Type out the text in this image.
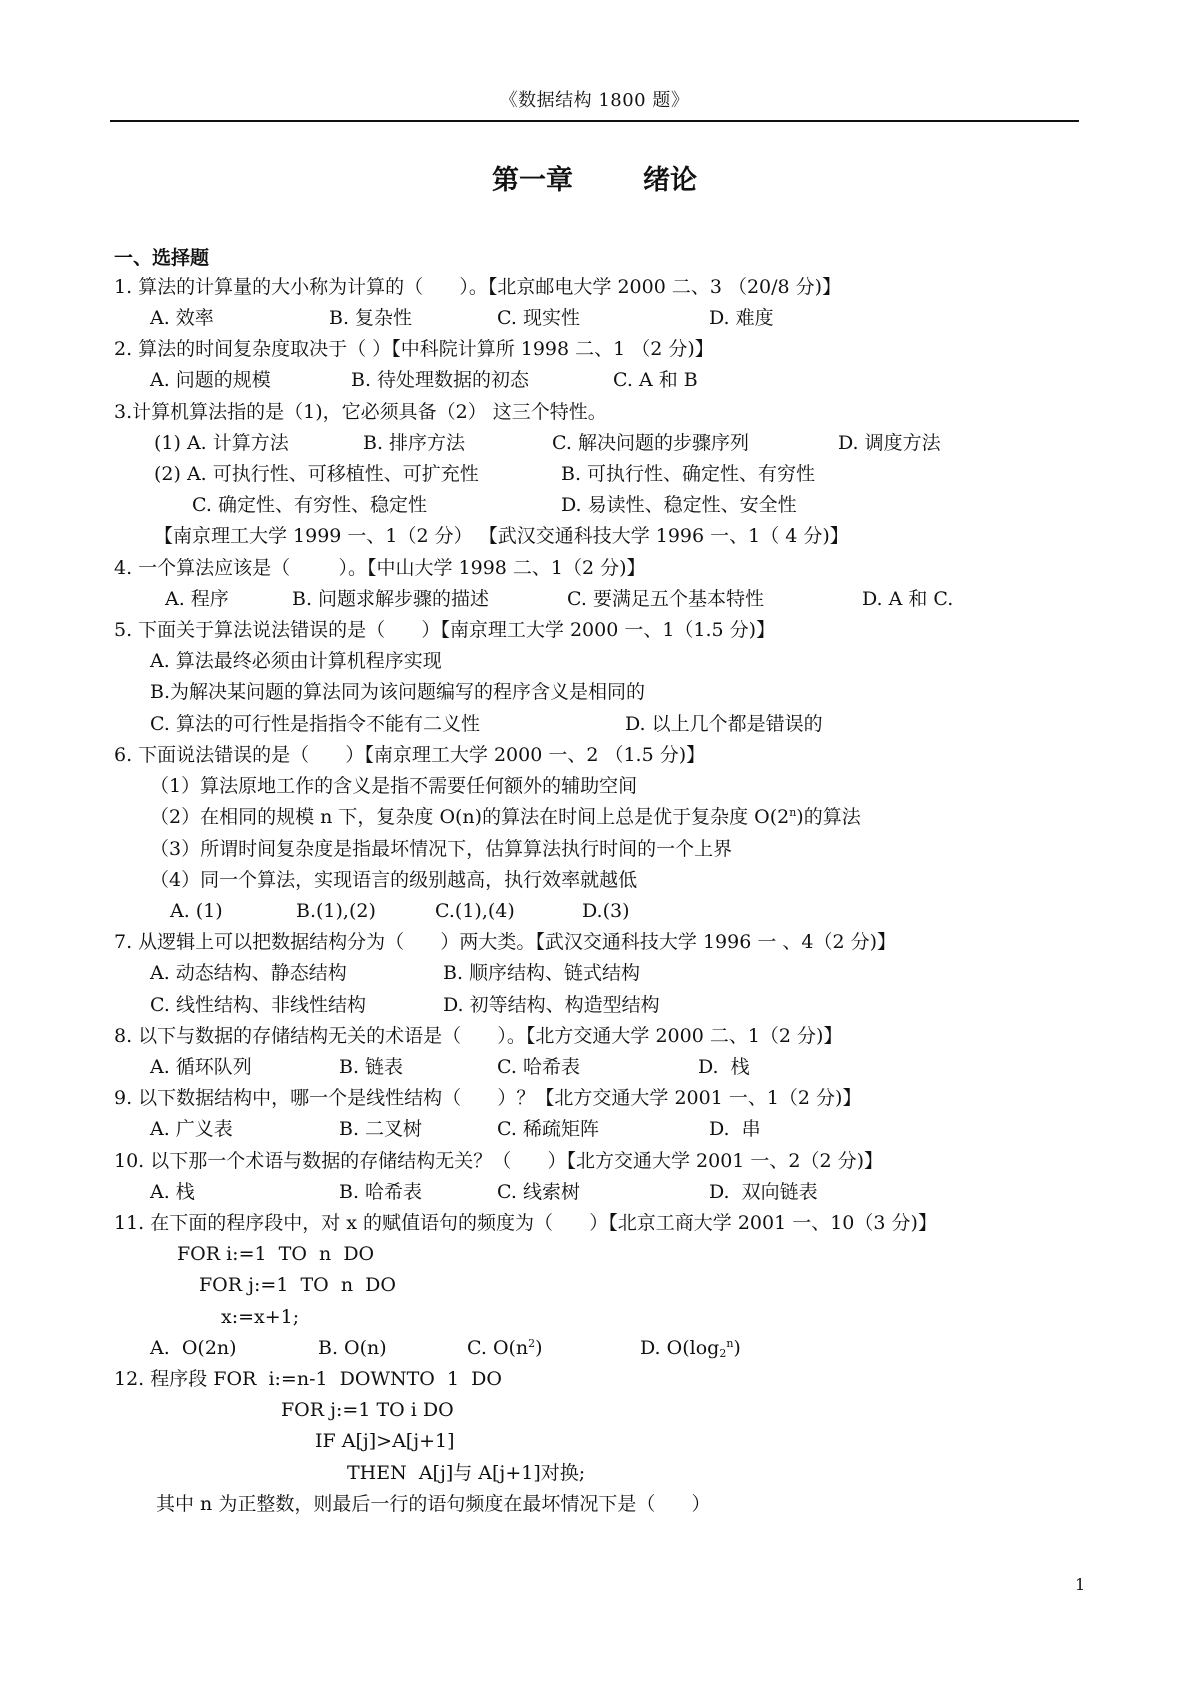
《数据结构 1800 题》
第一章	绪论
一、选择题
1. 算法的计算量的大小称为计算的（      ）。【北京邮电大学 2000 二、3 （20/8 分)】
A. 效率	B. 复杂性	C. 现实性	D. 难度
2. 算法的时间复杂度取决于（ ）【中科院计算所 1998 二、1 （2 分)】
A. 问题的规模	B. 待处理数据的初态	C. A 和 B
3.计算机算法指的是（1)，它必须具备（2） 这三个特性。
(1) A. 计算方法	B. 排序方法	C. 解决问题的步骤序列	D. 调度方法
(2) A. 可执行性、可移植性、可扩充性	B. 可执行性、确定性、有穷性
C. 确定性、有穷性、稳定性	D. 易读性、稳定性、安全性
【南京理工大学 1999 一、1（2 分） 【武汉交通科技大学 1996 一、1（ 4 分)】
4. 一个算法应该是（        ）。【中山大学 1998 二、1（2 分)】
A. 程序	B. 问题求解步骤的描述	C. 要满足五个基本特性	D. A 和 C.
5. 下面关于算法说法错误的是（      ）【南京理工大学 2000 一、1（1.5 分)】
A. 算法最终必须由计算机程序实现
B.为解决某问题的算法同为该问题编写的程序含义是相同的
C. 算法的可行性是指指令不能有二义性	D. 以上几个都是错误的
6. 下面说法错误的是（      ）【南京理工大学 2000 一、2 （1.5 分)】
（1）算法原地工作的含义是指不需要任何额外的辅助空间
（2）在相同的规模 n 下，复杂度 O(n)的算法在时间上总是优于复杂度 O(2$^n$)的算法
（3）所谓时间复杂度是指最坏情况下，估算算法执行时间的一个上界
（4）同一个算法，实现语言的级别越高，执行效率就越低
A. (1)	B.(1),(2)	C.(1),(4)	D.(3)
7. 从逻辑上可以把数据结构分为（      ）两大类。【武汉交通科技大学 1996 一 、4（2 分)】
A. 动态结构、静态结构	B. 顺序结构、链式结构
C. 线性结构、非线性结构	D. 初等结构、构造型结构
8. 以下与数据的存储结构无关的术语是（      ）。【北方交通大学 2000 二、1（2 分)】
A. 循环队列	B. 链表	C. 哈希表	D.  栈
9. 以下数据结构中，哪一个是线性结构（      ）？【北方交通大学 2001 一、1（2 分)】
A. 广义表	B. 二叉树	C. 稀疏矩阵	D.  串
10. 以下那一个术语与数据的存储结构无关？（      ）【北方交通大学 2001 一、2（2 分)】
A. 栈	B. 哈希表	C. 线索树	D.  双向链表
11. 在下面的程序段中，对 x 的赋值语句的频度为（      ）【北京工商大学 2001 一、10（3 分)】
FOR i:=1  TO  n  DO
FOR j:=1  TO  n  DO
x:=x+1;
A.  O(2n)	B. O(n)	C. $O(n^2)$	D. $O(\log_2^n)$
12. 程序段 FOR  i:=n-1  DOWNTO  1  DO
FOR j:=1 TO i DO
IF A[j]>A[j+1]
THEN  A[j]与 A[j+1]对换;
其中 n 为正整数，则最后一行的语句频度在最坏情况下是（      ）
1
